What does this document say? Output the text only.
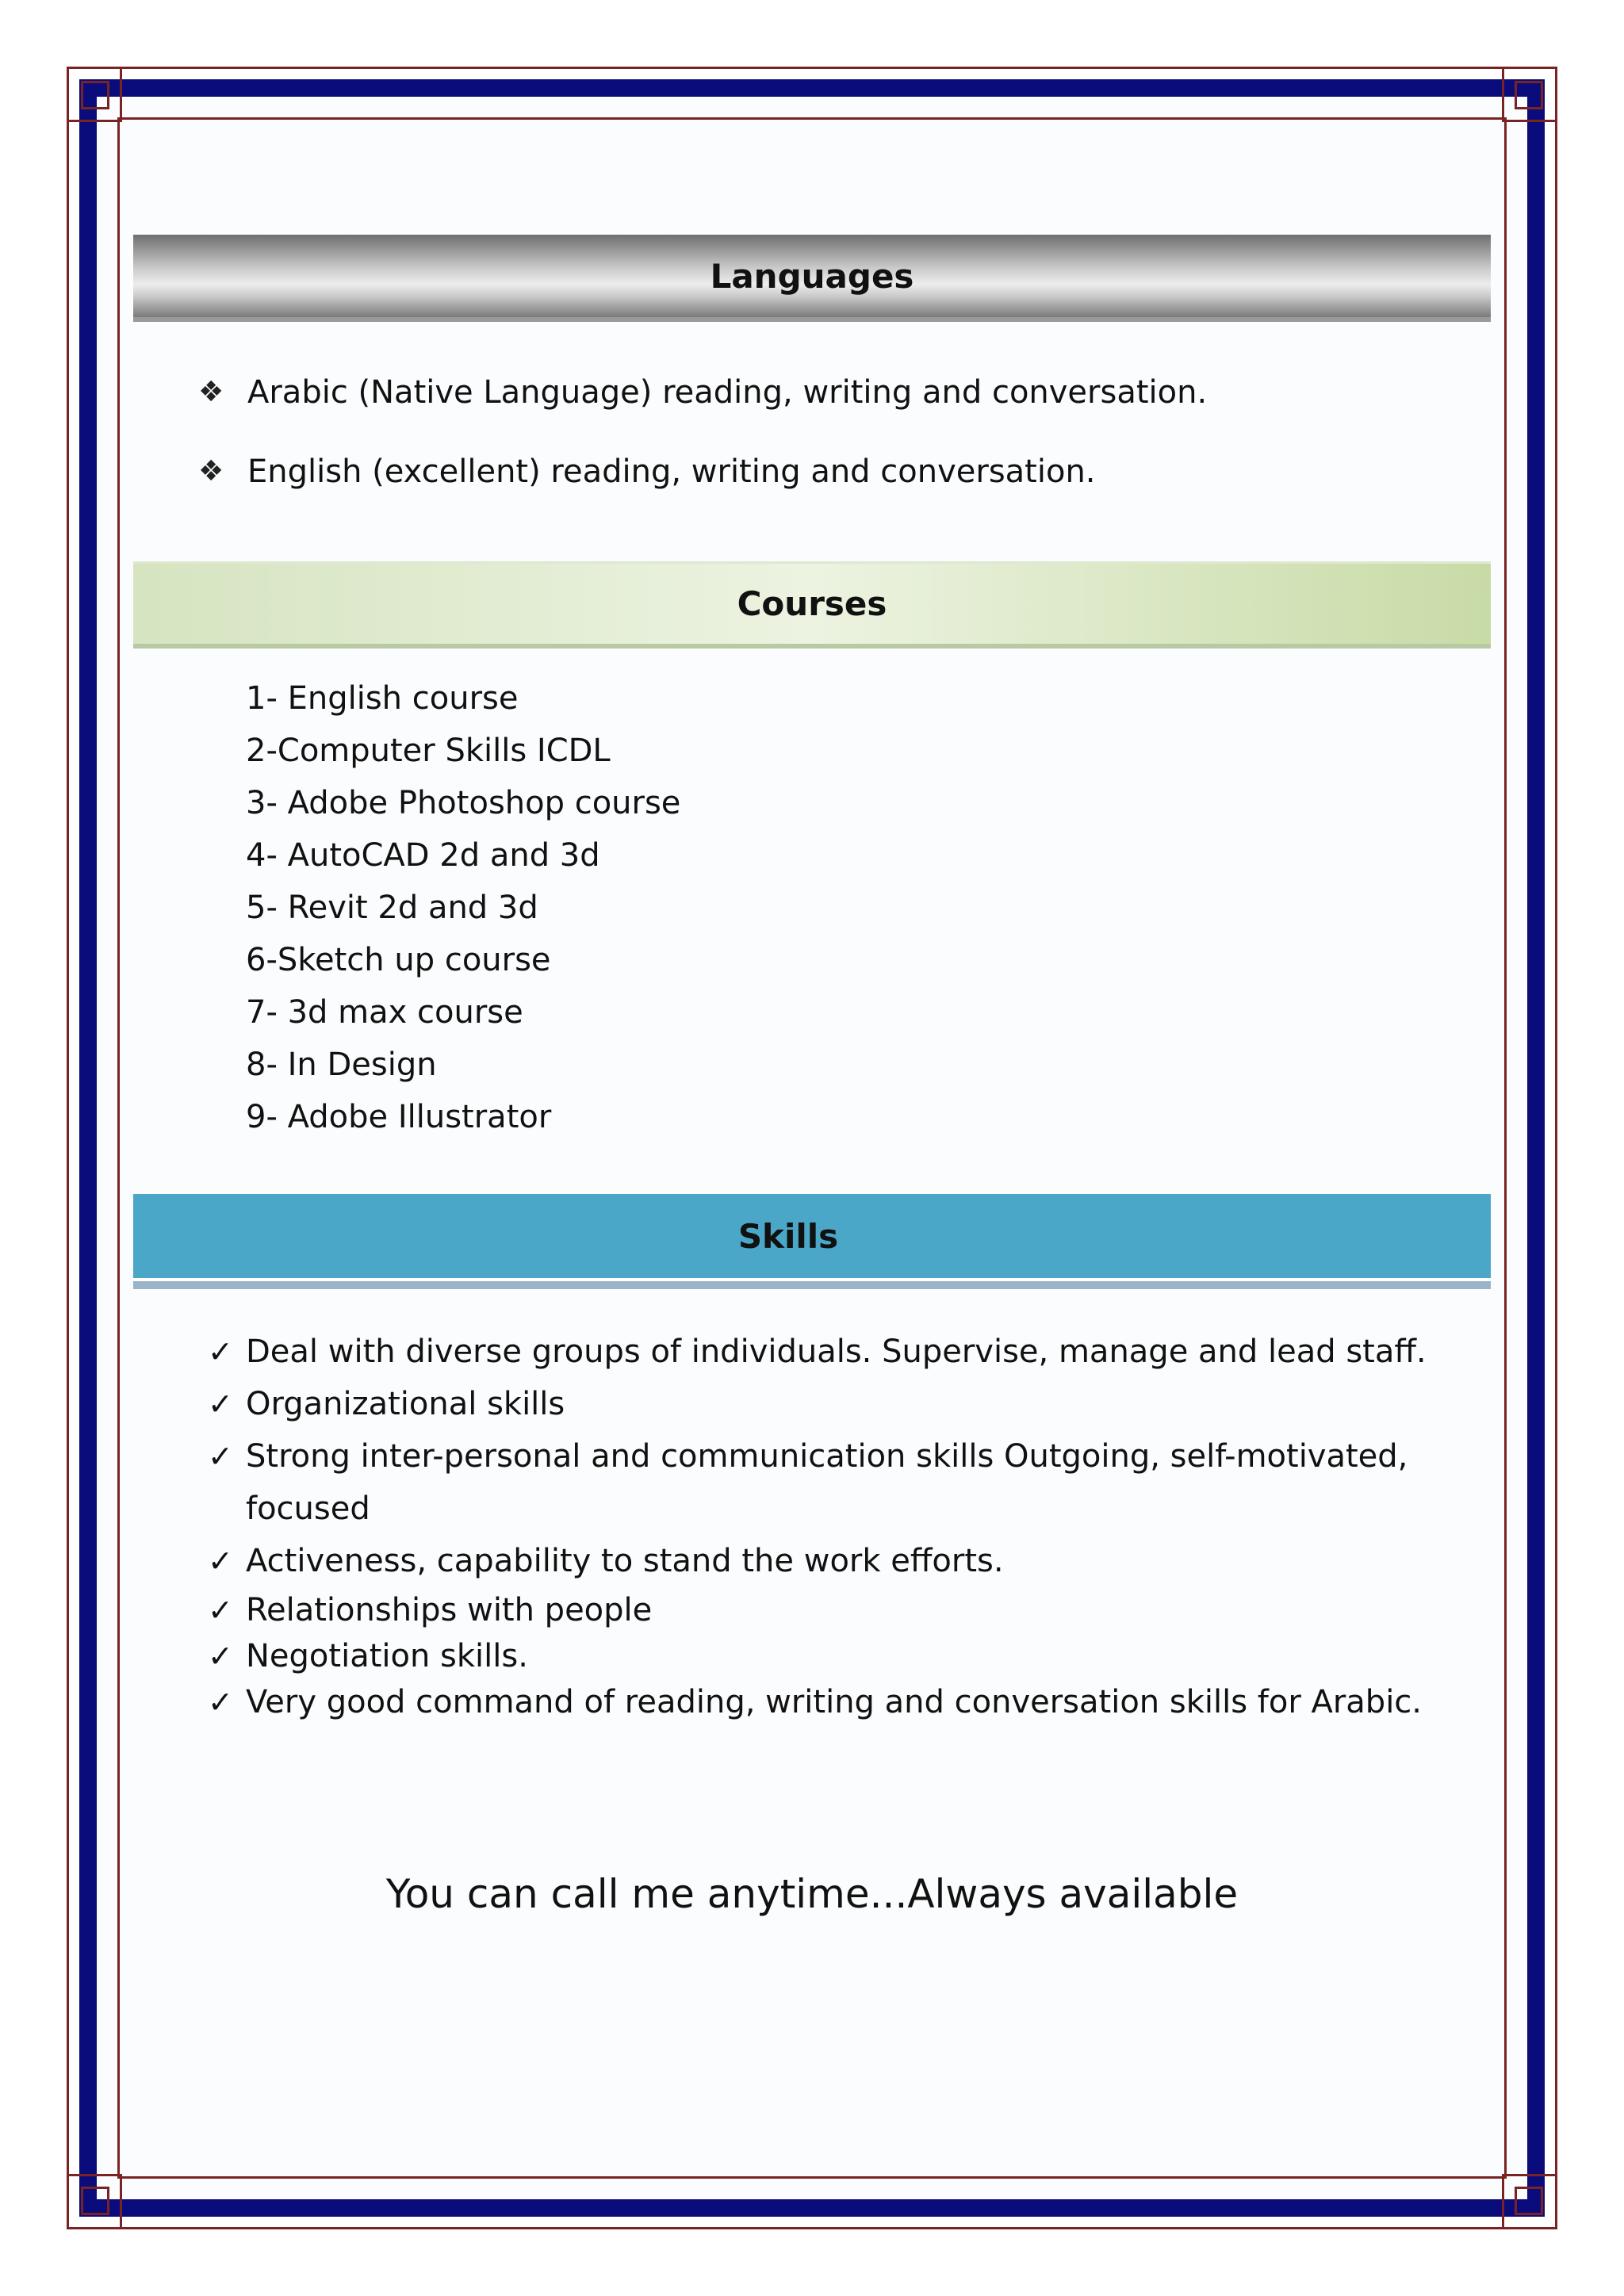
Languages
❖ Arabic (Native Language) reading, writing and conversation.
❖ English (excellent) reading, writing and conversation.
Courses
1- English course
2-Computer Skills ICDL
3- Adobe Photoshop course
4- AutoCAD 2d and 3d
5- Revit 2d and 3d
6-Sketch up course
7- 3d max course
8- In Design
9- Adobe Illustrator
Skills
✓ Deal with diverse groups of individuals. Supervise, manage and lead staff.
✓ Organizational skills
✓ Strong inter-personal and communication skills Outgoing, self-motivated, focused
✓ Activeness, capability to stand the work efforts.
✓ Relationships with people
✓ Negotiation skills.
✓ Very good command of reading, writing and conversation skills for Arabic.
You can call me anytime...Always available
